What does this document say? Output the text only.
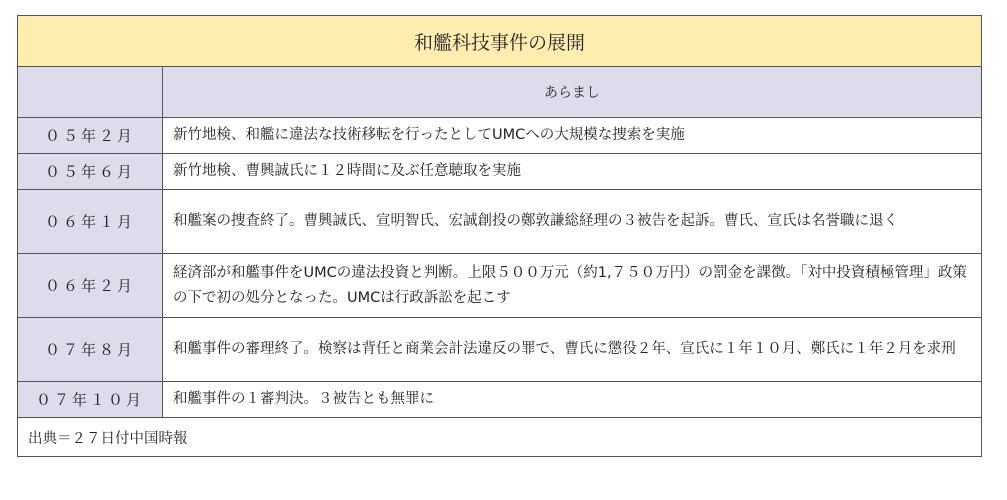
和艦科技事件の展開	
	あらまし
０５年２月	新竹地検、和艦に違法な技術移転を行ったとしてUMCへの大規模な捜索を実施
０５年６月	新竹地検、曹興誠氏に１２時間に及ぶ任意聴取を実施
０６年１月	和艦案の捜査終了。曹興誠氏、宣明智氏、宏誠創投の鄭敦謙総経理の３被告を起訴。曹氏、宣氏は名誉職に退く
０６年２月	経済部が和艦事件をUMCの違法投資と判断。上限５００万元（約1,７５０万円）の罰金を課徴。「対中投資積極管理」政策の下で初の処分となった。UMCは行政訴訟を起こす
０７年８月	和艦事件の審理終了。検察は背任と商業会計法違反の罪で、曹氏に懲役２年、宣氏に１年１０月、鄭氏に１年２月を求刑
０７年１０月	和艦事件の１審判決。３被告とも無罪に
出典＝２７日付中国時報	
